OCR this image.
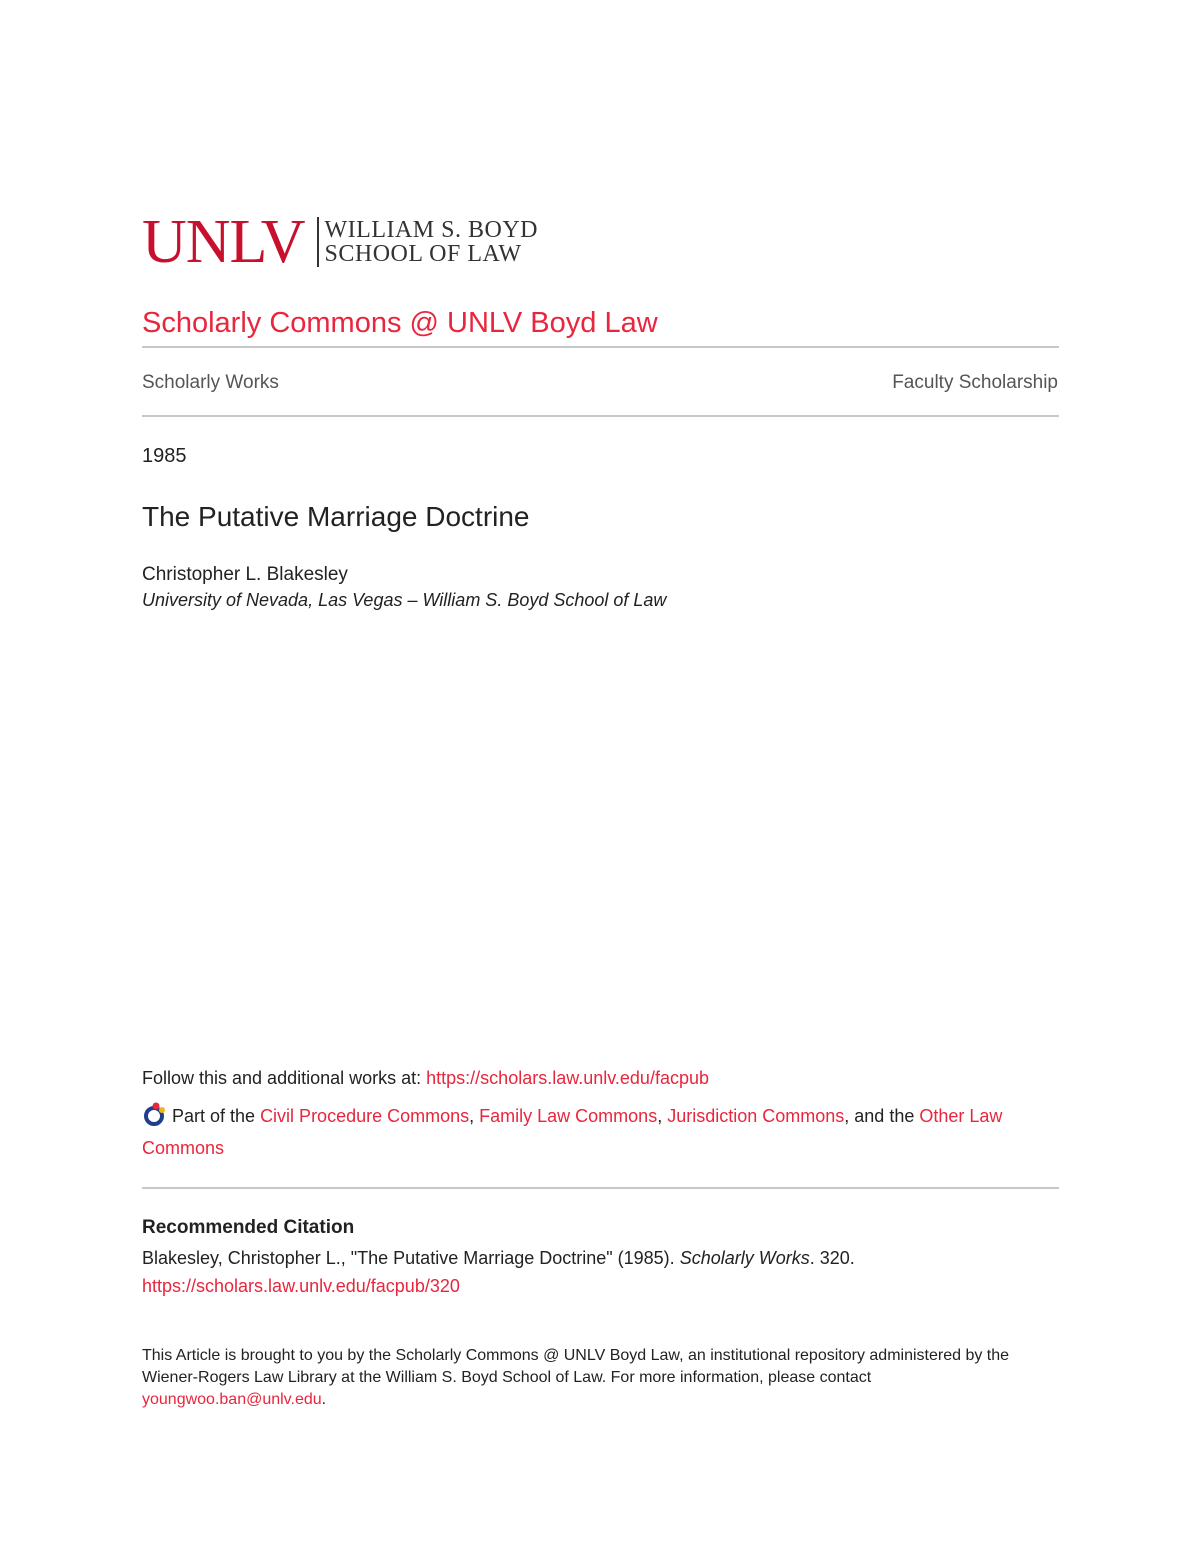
UNLV WILLIAM S. BOYD
SCHOOL OF LAW
Scholarly Commons @ UNLV Boyd Law
Scholarly Works	Faculty Scholarship
1985
The Putative Marriage Doctrine
Christopher L. Blakesley
University of Nevada, Las Vegas – William S. Boyd School of Law
Follow this and additional works at: https://scholars.law.unlv.edu/facpub
Part of the Civil Procedure Commons, Family Law Commons, Jurisdiction Commons, and the Other Law Commons
Recommended Citation
Blakesley, Christopher L., "The Putative Marriage Doctrine" (1985). Scholarly Works. 320.
https://scholars.law.unlv.edu/facpub/320
This Article is brought to you by the Scholarly Commons @ UNLV Boyd Law, an institutional repository administered by the Wiener-Rogers Law Library at the William S. Boyd School of Law. For more information, please contact
youngwoo.ban@unlv.edu.
